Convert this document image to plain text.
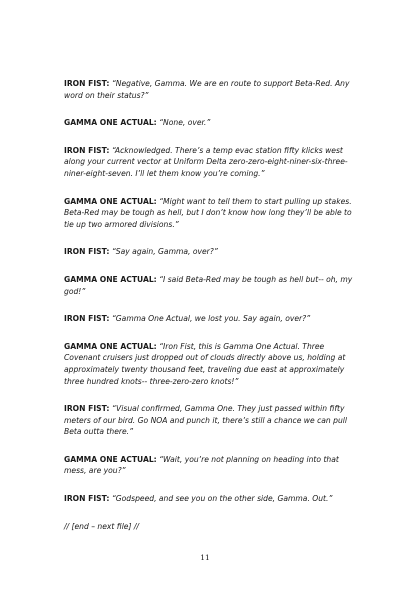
IRON FIST: “Negative, Gamma. We are en route to support Beta-Red. Any word on their status?”

GAMMA ONE ACTUAL: “None, over.”

IRON FIST: “Acknowledged. There’s a temp evac station fifty klicks west along your current vector at Uniform Delta zero-zero-eight-niner-six-three-niner-eight-seven. I’ll let them know you’re coming.”

GAMMA ONE ACTUAL: “Might want to tell them to start pulling up stakes. Beta-Red may be tough as hell, but I don’t know how long they’ll be able to tie up two armored divisions.”

IRON FIST: “Say again, Gamma, over?”

GAMMA ONE ACTUAL: “I said Beta-Red may be tough as hell but-- oh, my god!”

IRON FIST: “Gamma One Actual, we lost you. Say again, over?”

GAMMA ONE ACTUAL: “Iron Fist, this is Gamma One Actual. Three Covenant cruisers just dropped out of clouds directly above us, holding at approximately twenty thousand feet, traveling due east at approximately three hundred knots-- three-zero-zero knots!”

IRON FIST: “Visual confirmed, Gamma One. They just passed within fifty meters of our bird. Go NOA and punch it, there’s still a chance we can pull Beta outta there.”

GAMMA ONE ACTUAL: “Wait, you’re not planning on heading into that mess, are you?”

IRON FIST: “Godspeed, and see you on the other side, Gamma. Out.”

// [end – next file] //

11
